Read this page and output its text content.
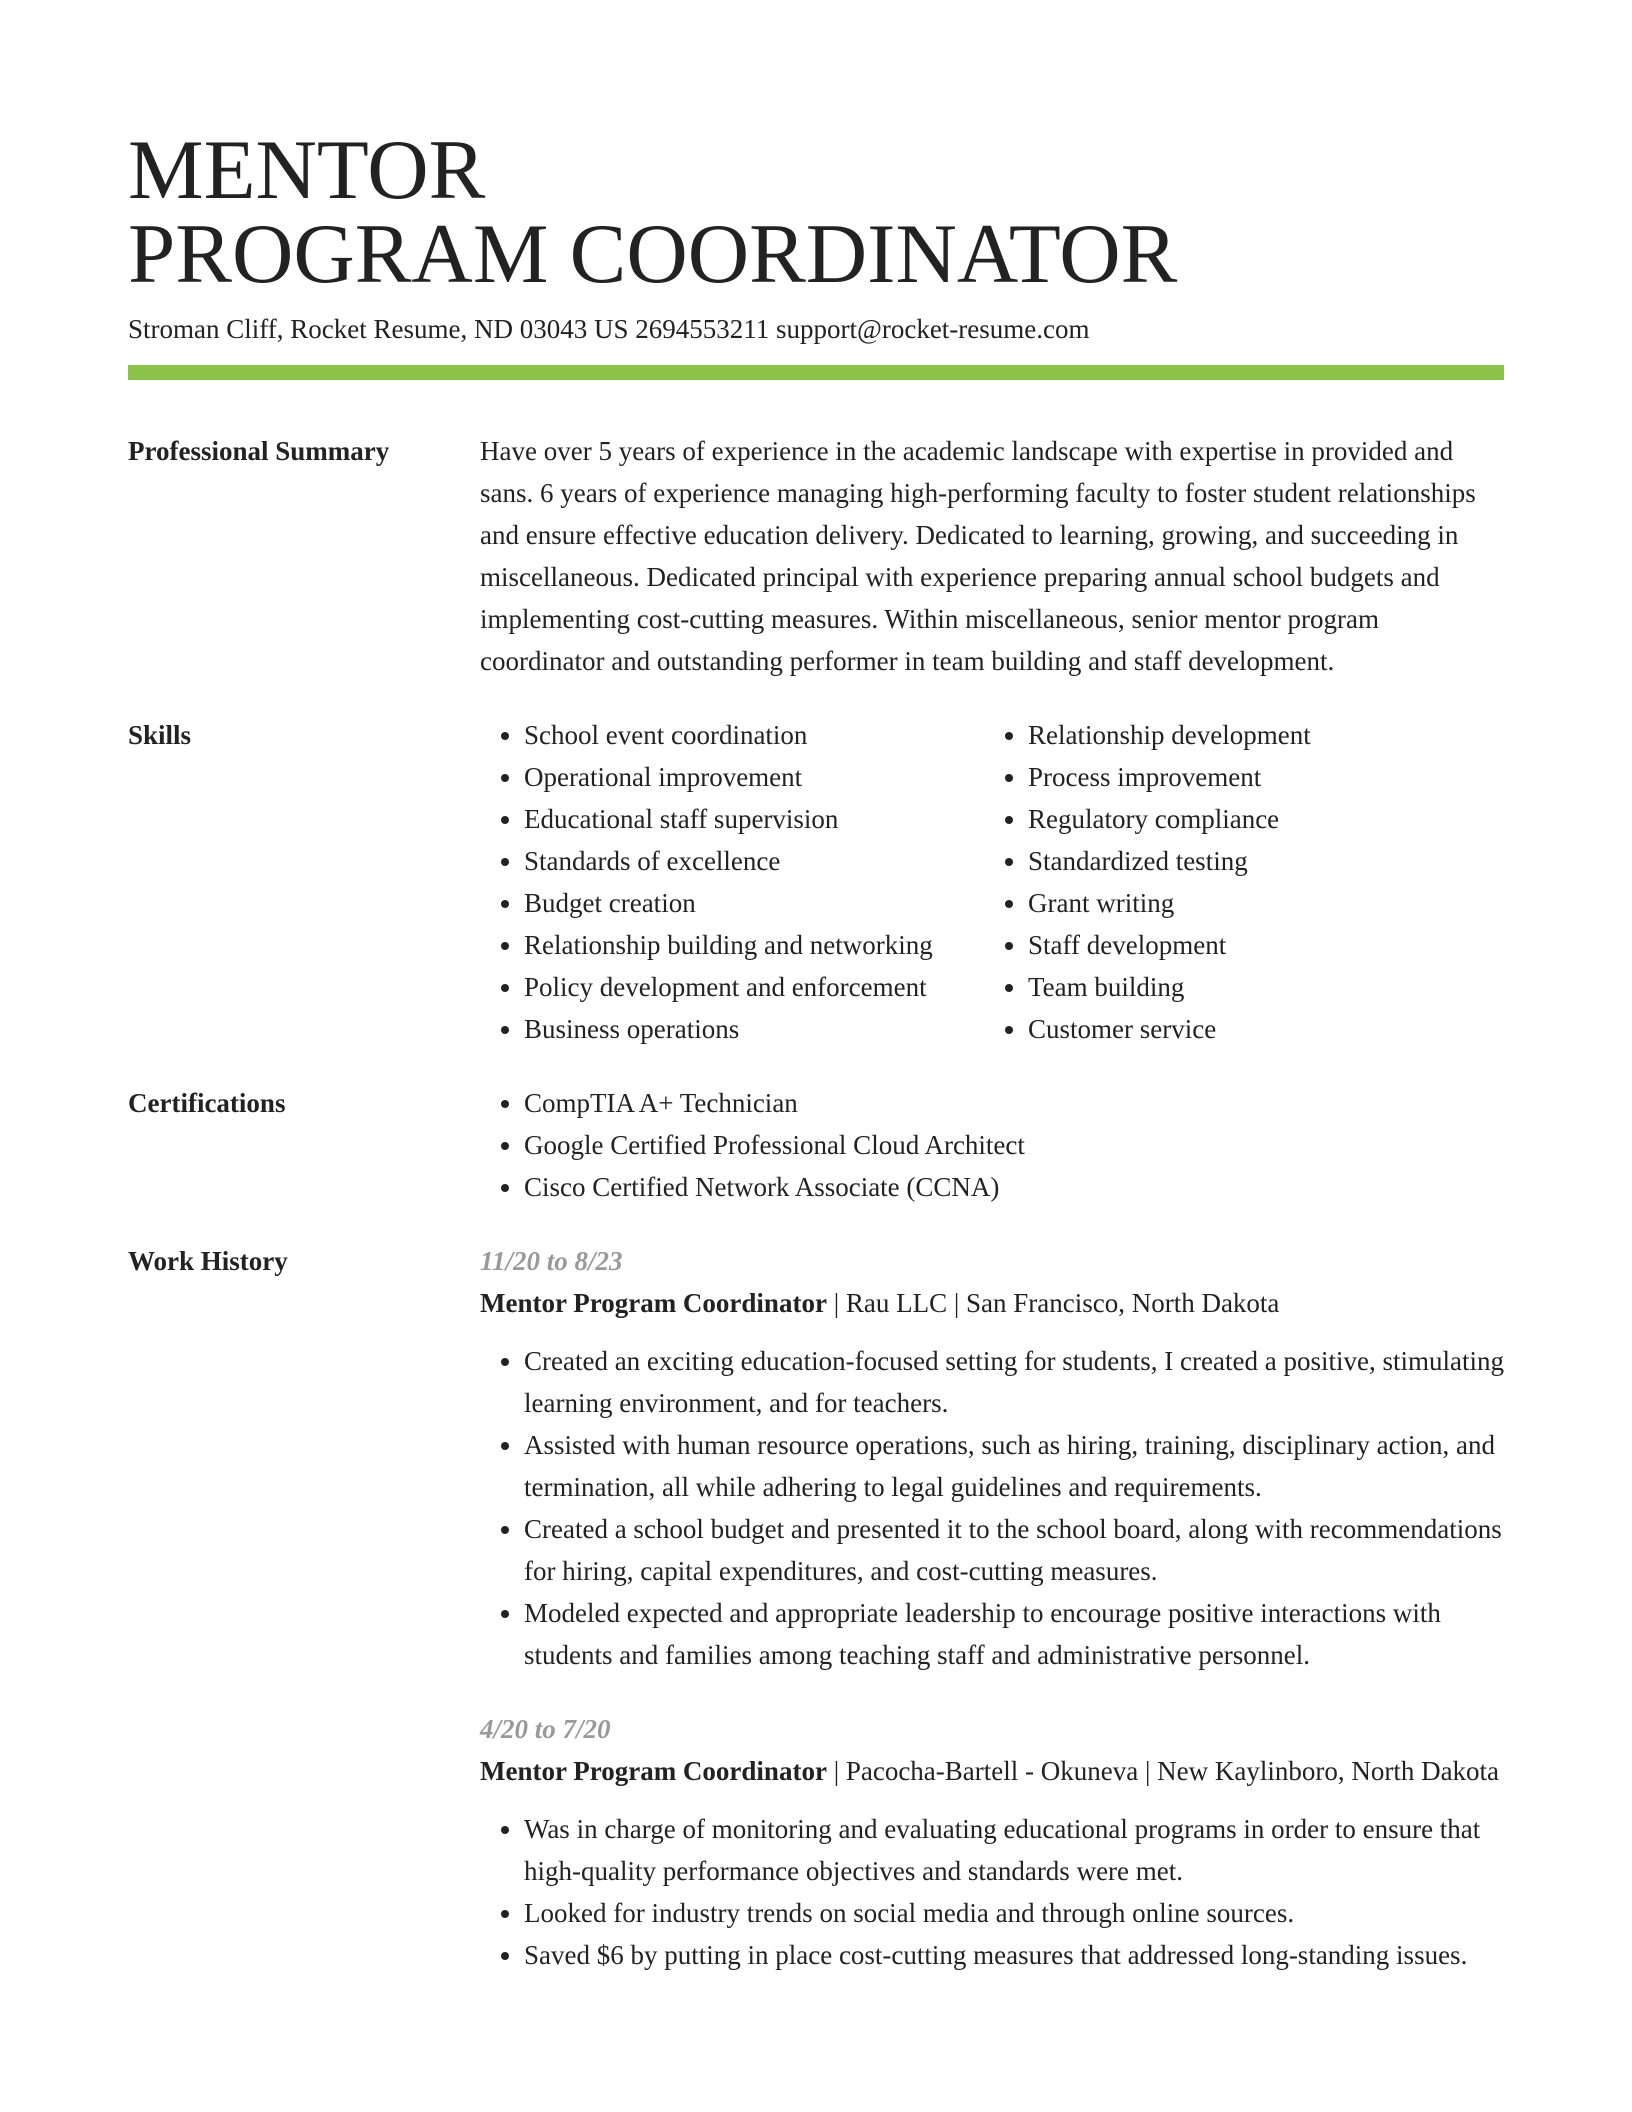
MENTOR
PROGRAM COORDINATOR
Stroman Cliff, Rocket Resume, ND 03043 US 2694553211 support@rocket-resume.com
Professional Summary	Have over 5 years of experience in the academic landscape with expertise in provided and sans. 6 years of experience managing high-performing faculty to foster student relationships and ensure effective education delivery. Dedicated to learning, growing, and succeeding in miscellaneous. Dedicated principal with experience preparing annual school budgets and implementing cost-cutting measures. Within miscellaneous, senior mentor program coordinator and outstanding performer in team building and staff development.
Skills	• School event coordination
• Operational improvement
• Educational staff supervision
• Standards of excellence
• Budget creation
• Relationship building and networking
• Policy development and enforcement
• Business operations
• Relationship development
• Process improvement
• Regulatory compliance
• Standardized testing
• Grant writing
• Staff development
• Team building
• Customer service
Certifications	• CompTIA A+ Technician
• Google Certified Professional Cloud Architect
• Cisco Certified Network Associate (CCNA)
Work History	11/20 to 8/23
Mentor Program Coordinator | Rau LLC | San Francisco, North Dakota
• Created an exciting education-focused setting for students, I created a positive, stimulating learning environment, and for teachers.
• Assisted with human resource operations, such as hiring, training, disciplinary action, and termination, all while adhering to legal guidelines and requirements.
• Created a school budget and presented it to the school board, along with recommendations for hiring, capital expenditures, and cost-cutting measures.
• Modeled expected and appropriate leadership to encourage positive interactions with students and families among teaching staff and administrative personnel.
4/20 to 7/20
Mentor Program Coordinator | Pacocha-Bartell - Okuneva | New Kaylinboro, North Dakota
• Was in charge of monitoring and evaluating educational programs in order to ensure that high-quality performance objectives and standards were met.
• Looked for industry trends on social media and through online sources.
• Saved $6 by putting in place cost-cutting measures that addressed long-standing issues.
